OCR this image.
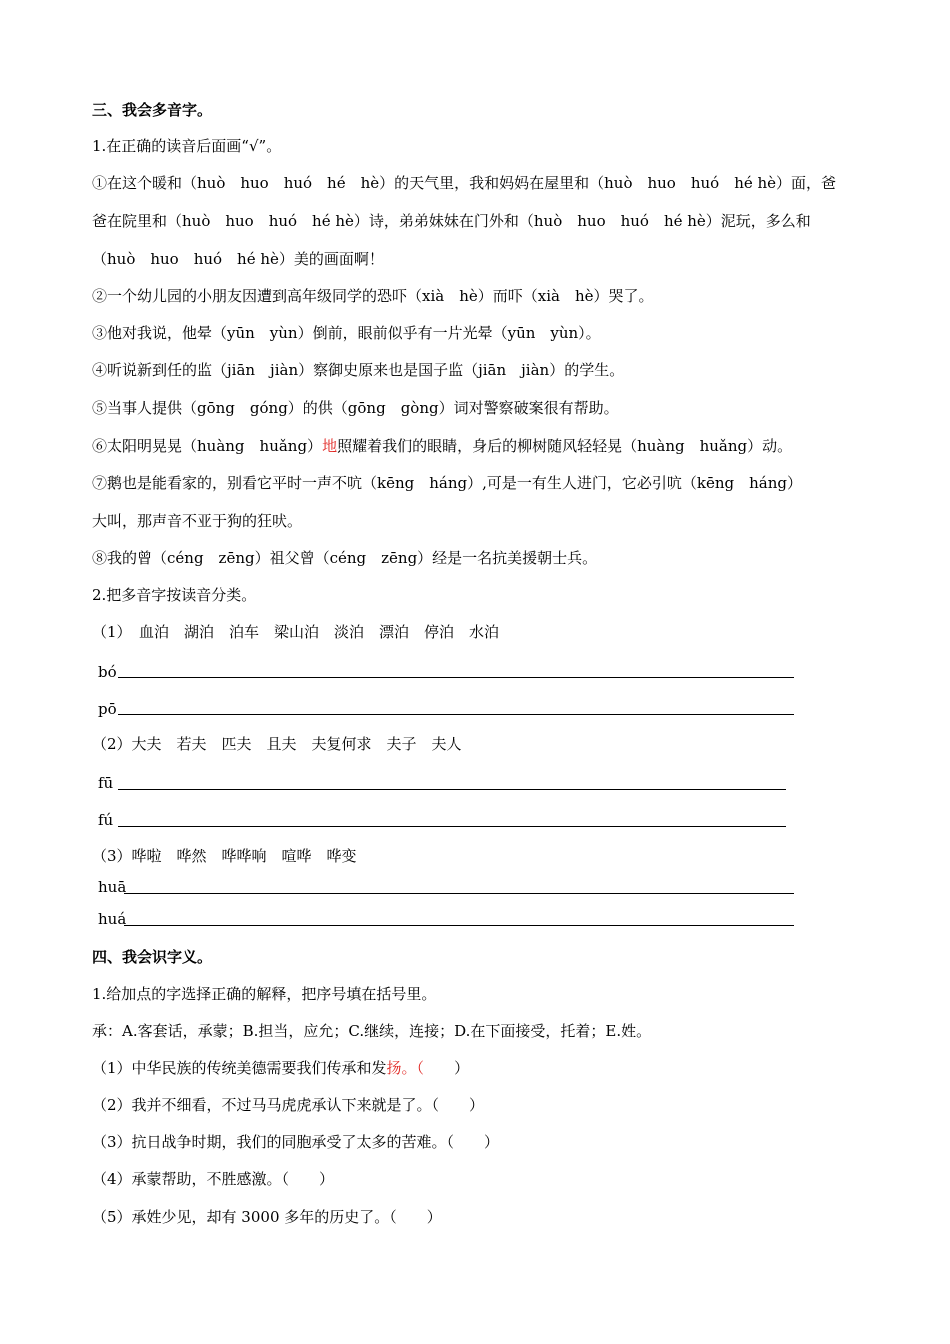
三、我会多音字。
1.在正确的读音后面画“√”。
①在这个暖和（huò　huo　huó　hé　hè）的天气里，我和妈妈在屋里和（huò　huo　huó　hé hè）面，爸
爸在院里和（huò　huo　huó　hé hè）诗，弟弟妹妹在门外和（huò　huo　huó　hé hè）泥玩，多么和
（huò　huo　huó　hé hè）美的画面啊！
②一个幼儿园的小朋友因遭到高年级同学的恐吓（xià　hè）而吓（xià　hè）哭了。
③他对我说，他晕（yūn　yùn）倒前，眼前似乎有一片光晕（yūn　yùn）。
④听说新到任的监（jiān　jiàn）察御史原来也是国子监（jiān　jiàn）的学生。
⑤当事人提供（gōng　góng）的供（gōng　gòng）词对警察破案很有帮助。
⑥太阳明晃晃（huàng　huǎng）地照耀着我们的眼睛，身后的柳树随风轻轻晃（huàng　huǎng）动。
⑦鹅也是能看家的，别看它平时一声不吭（kēng　háng）,可是一有生人进门，它必引吭（kēng　háng）
大叫，那声音不亚于狗的狂吠。
⑧我的曾（céng　zēng）祖父曾（céng　zēng）经是一名抗美援朝士兵。
2.把多音字按读音分类。
（1）　血泊　湖泊　泊车　梁山泊　淡泊　漂泊　停泊　水泊
bó
pō
（2）大夫　若夫　匹夫　且夫　夫复何求　夫子　夫人
fū
fú
（3）哗啦　哗然　哗哗响　喧哗　哗变
huā
huá
四、我会识字义。
1.给加点的字选择正确的解释，把序号填在括号里。
承：A.客套话，承蒙；B.担当，应允；C.继续，连接；D.在下面接受，托着；E.姓。
（1）中华民族的传统美德需要我们传承和发扬。（　　）
（2）我并不细看，不过马马虎虎承认下来就是了。（　　）
（3）抗日战争时期，我们的同胞承受了太多的苦难。（　　）
（4）承蒙帮助，不胜感激。（　　）
（5）承姓少见，却有 3000 多年的历史了。（　　）
